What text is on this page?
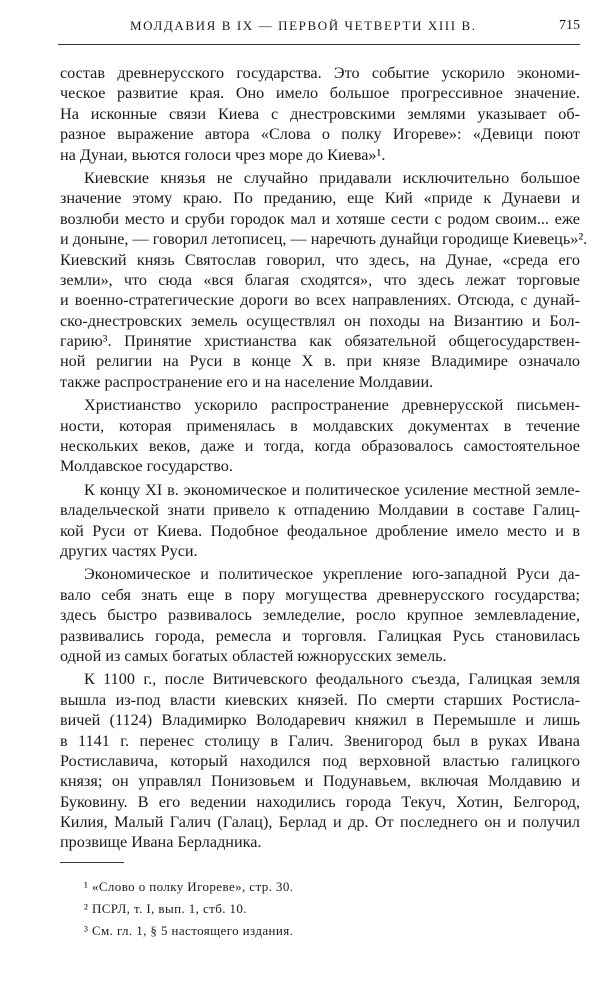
МОЛДАВИЯ В IX — ПЕРВОЙ ЧЕТВЕРТИ XIII В.	715
состав древнерусского государства. Это событие ускорило экономи-
ческое развитие края. Оно имело большое прогрессивное значение.
На исконные связи Киева с днестровскими землями указывает об-
разное выражение автора «Слова о полку Игореве»: «Девици поют
на Дунаи, вьются голоси чрез море до Киева»¹.
Киевские князья не случайно придавали исключительно большое
значение этому краю. По преданию, еще Кий «приде к Дунаеви и
возлюби место и сруби городок мал и хотяше сести с родом своим... еже
и доныне, — говорил летописец, — наречють дунайци городище Киевець»².
Киевский князь Святослав говорил, что здесь, на Дунае, «среда его
земли», что сюда «вся благая сходятся», что здесь лежат торговые
и военно-стратегические дороги во всех направлениях. Отсюда, с дунай-
ско-днестровских земель осуществлял он походы на Византию и Бол-
гарию³. Принятие христианства как обязательной общегосударствен-
ной религии на Руси в конце X в. при князе Владимире означало
также распространение его и на население Молдавии.
Христианство ускорило распространение древнерусской письмен-
ности, которая применялась в молдавских документах в течение
нескольких веков, даже и тогда, когда образовалось самостоятельное
Молдавское государство.
К концу XI в. экономическое и политическое усиление местной земле-
владельческой знати привело к отпадению Молдавии в составе Галиц-
кой Руси от Киева. Подобное феодальное дробление имело место и в
других частях Руси.
Экономическое и политическое укрепление юго-западной Руси да-
вало себя знать еще в пору могущества древнерусского государства;
здесь быстро развивалось земледелие, росло крупное землевладение,
развивались города, ремесла и торговля. Галицкая Русь становилась
одной из самых богатых областей южнорусских земель.
К 1100 г., после Витичевского феодального съезда, Галицкая земля
вышла из-под власти киевских князей. По смерти старших Ростисла-
вичей (1124) Владимирко Володаревич княжил в Перемышле и лишь
в 1141 г. перенес столицу в Галич. Звенигород был в руках Ивана
Ростиславича, который находился под верховной властью галицкого
князя; он управлял Понизовьем и Подунавьем, включая Молдавию и
Буковину. В его ведении находились города Текуч, Хотин, Белгород,
Килия, Малый Галич (Галац), Берлад и др. От последнего он и получил
прозвище Ивана Берладника.
¹ «Слово о полку Игореве», стр. 30.
² ПСРЛ, т. I, вып. 1, стб. 10.
³ См. гл. 1, § 5 настоящего издания.
